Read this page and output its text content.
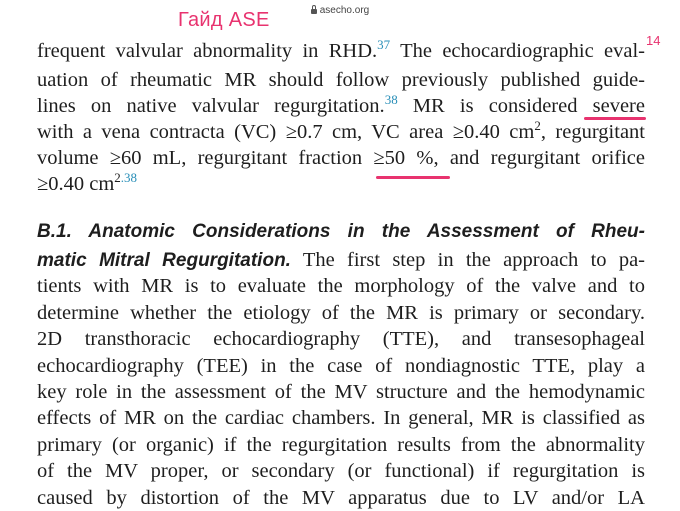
asecho.org
Гайд ASE
14
frequent valvular abnormality in RHD.$^{37}$ The echocardiographic eval-
uation of rheumatic MR should follow previously published guide-
lines on native valvular regurgitation.$^{38}$ MR is considered severe
with a vena contracta (VC) ≥0.7 cm, VC area ≥0.40 $cm^2$, regurgitant
volume ≥60 mL, regurgitant fraction ≥50 %, and regurgitant orifice
≥0.40 cm$^{2.38}$
B.1. Anatomic Considerations in the Assessment of Rheu-
matic Mitral Regurgitation. The first step in the approach to pa-
tients with MR is to evaluate the morphology of the valve and to
determine whether the etiology of the MR is primary or secondary.
2D transthoracic echocardiography (TTE), and transesophageal
echocardiography (TEE) in the case of nondiagnostic TTE, play a
key role in the assessment of the MV structure and the hemodynamic
effects of MR on the cardiac chambers. In general, MR is classified as
primary (or organic) if the regurgitation results from the abnormality
of the MV proper, or secondary (or functional) if regurgitation is
caused by distortion of the MV apparatus due to LV and/or LA
